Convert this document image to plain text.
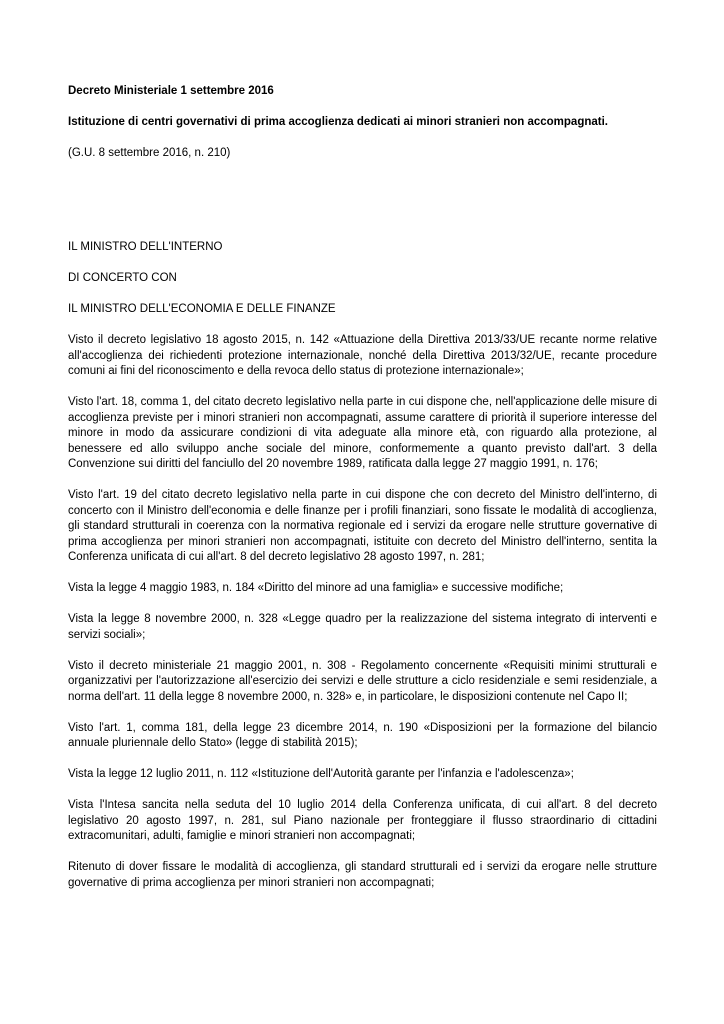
Decreto Ministeriale 1 settembre 2016

Istituzione di centri governativi di prima accoglienza dedicati ai minori stranieri non accompagnati.

(G.U. 8 settembre 2016, n. 210)

IL MINISTRO DELL'INTERNO

DI CONCERTO CON

IL MINISTRO DELL'ECONOMIA E DELLE FINANZE

Visto il decreto legislativo 18 agosto 2015, n. 142 «Attuazione della Direttiva 2013/33/UE recante norme relative all'accoglienza dei richiedenti protezione internazionale, nonché della Direttiva 2013/32/UE, recante procedure comuni ai fini del riconoscimento e della revoca dello status di protezione internazionale»;

Visto l'art. 18, comma 1, del citato decreto legislativo nella parte in cui dispone che, nell'applicazione delle misure di accoglienza previste per i minori stranieri non accompagnati, assume carattere di priorità il superiore interesse del minore in modo da assicurare condizioni di vita adeguate alla minore età, con riguardo alla protezione, al benessere ed allo sviluppo anche sociale del minore, conformemente a quanto previsto dall'art. 3 della Convenzione sui diritti del fanciullo del 20 novembre 1989, ratificata dalla legge 27 maggio 1991, n. 176;

Visto l'art. 19 del citato decreto legislativo nella parte in cui dispone che con decreto del Ministro dell'interno, di concerto con il Ministro dell'economia e delle finanze per i profili finanziari, sono fissate le modalità di accoglienza, gli standard strutturali in coerenza con la normativa regionale ed i servizi da erogare nelle strutture governative di prima accoglienza per minori stranieri non accompagnati, istituite con decreto del Ministro dell'interno, sentita la Conferenza unificata di cui all'art. 8 del decreto legislativo 28 agosto 1997, n. 281;

Vista la legge 4 maggio 1983, n. 184 «Diritto del minore ad una famiglia» e successive modifiche;

Vista la legge 8 novembre 2000, n. 328 «Legge quadro per la realizzazione del sistema integrato di interventi e servizi sociali»;

Visto il decreto ministeriale 21 maggio 2001, n. 308 - Regolamento concernente «Requisiti minimi strutturali e organizzativi per l'autorizzazione all'esercizio dei servizi e delle strutture a ciclo residenziale e semi residenziale, a norma dell'art. 11 della legge 8 novembre 2000, n. 328» e, in particolare, le disposizioni contenute nel Capo II;

Visto l'art. 1, comma 181, della legge 23 dicembre 2014, n. 190 «Disposizioni per la formazione del bilancio annuale pluriennale dello Stato» (legge di stabilità 2015);

Vista la legge 12 luglio 2011, n. 112 «Istituzione dell'Autorità garante per l'infanzia e l'adolescenza»;

Vista l'Intesa sancita nella seduta del 10 luglio 2014 della Conferenza unificata, di cui all'art. 8 del decreto legislativo 20 agosto 1997, n. 281, sul Piano nazionale per fronteggiare il flusso straordinario di cittadini extracomunitari, adulti, famiglie e minori stranieri non accompagnati;

Ritenuto di dover fissare le modalità di accoglienza, gli standard strutturali ed i servizi da erogare nelle strutture governative di prima accoglienza per minori stranieri non accompagnati;
